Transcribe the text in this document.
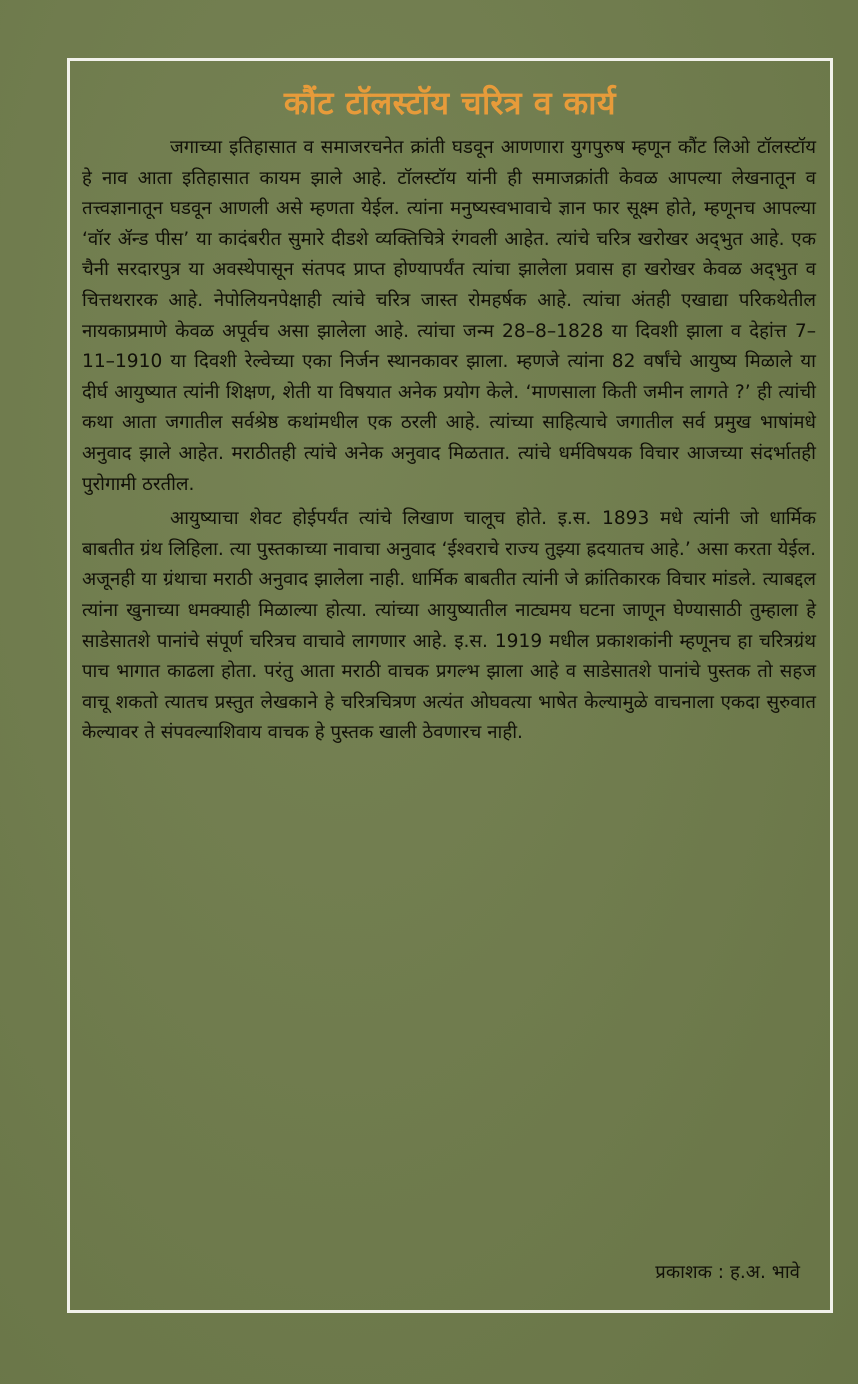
कौंट टॉलस्टॉय चरित्र व कार्य

जगाच्या इतिहासात व समाजरचनेत क्रांती घडवून आणणारा युगपुरुष म्हणून कौंट लिओ टॉलस्टॉय हे नाव आता इतिहासात कायम झाले आहे. टॉलस्टॉय यांनी ही समाजक्रांती केवळ आपल्या लेखनातून व तत्त्वज्ञानातून घडवून आणली असे म्हणता येईल. त्यांना मनुष्यस्वभावाचे ज्ञान फार सूक्ष्म होते, म्हणूनच आपल्या ‘वॉर ॲन्ड पीस’ या कादंबरीत सुमारे दीडशे व्यक्तिचित्रे रंगवली आहेत. त्यांचे चरित्र खरोखर अद्‌भुत आहे. एक चैनी सरदारपुत्र या अवस्थेपासून संतपद प्राप्त होण्यापर्यंत त्यांचा झालेला प्रवास हा खरोखर केवळ अद्‌भुत व चित्तथरारक आहे. नेपोलियनपेक्षाही त्यांचे चरित्र जास्त रोमहर्षक आहे. त्यांचा अंतही एखाद्या परिकथेतील नायकाप्रमाणे केवळ अपूर्वच असा झालेला आहे. त्यांचा जन्म 28–8–1828 या दिवशी झाला व देहांत्त 7–11–1910 या दिवशी रेल्वेच्या एका निर्जन स्थानकावर झाला. म्हणजे त्यांना 82 वर्षांचे आयुष्य मिळाले या दीर्घ आयुष्यात त्यांनी शिक्षण, शेती या विषयात अनेक प्रयोग केले. ‘माणसाला किती जमीन लागते ?’ ही त्यांची कथा आता जगातील सर्वश्रेष्ठ कथांमधील एक ठरली आहे. त्यांच्या साहित्याचे जगातील सर्व प्रमुख भाषांमधे अनुवाद झाले आहेत. मराठीतही त्यांचे अनेक अनुवाद मिळतात. त्यांचे धर्मविषयक विचार आजच्या संदर्भातही पुरोगामी ठरतील.

आयुष्याचा शेवट होईपर्यंत त्यांचे लिखाण चालूच होते. इ.स. 1893 मधे त्यांनी जो धार्मिक बाबतीत ग्रंथ लिहिला. त्या पुस्तकाच्या नावाचा अनुवाद ‘ईश्वराचे राज्य तुझ्या ह्रदयातच आहे.’ असा करता येईल. अजूनही या ग्रंथाचा मराठी अनुवाद झालेला नाही. धार्मिक बाबतीत त्यांनी जे क्रांतिकारक विचार मांडले. त्याबद्दल त्यांना खुनाच्या धमक्याही मिळाल्या होत्या. त्यांच्या आयुष्यातील नाट्यमय घटना जाणून घेण्यासाठी तुम्हाला हे साडेसातशे पानांचे संपूर्ण चरित्रच वाचावे लागणार आहे. इ.स. 1919 मधील प्रकाशकांनी म्हणूनच हा चरित्रग्रंथ पाच भागात काढला होता. परंतु आता मराठी वाचक प्रगल्भ झाला आहे व साडेसातशे पानांचे पुस्तक तो सहज वाचू शकतो त्यातच प्रस्तुत लेखकाने हे चरित्रचित्रण अत्यंत ओघवत्या भाषेत केल्यामुळे वाचनाला एकदा सुरुवात केल्यावर ते संपवल्याशिवाय वाचक हे पुस्तक खाली ठेवणारच नाही.

प्रकाशक : ह.अ. भावे
